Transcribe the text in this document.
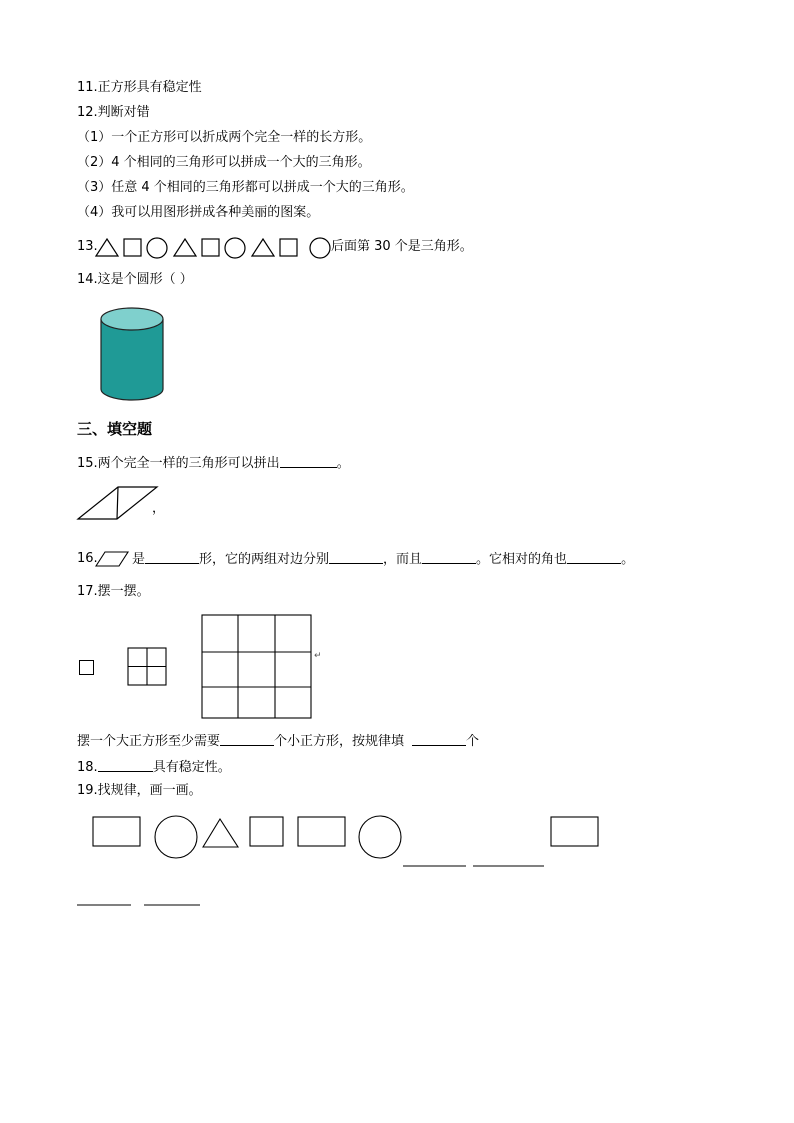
11.正方形具有稳定性
12.判断对错
（1）一个正方形可以折成两个完全一样的长方形。
（2）4 个相同的三角形可以拼成一个大的三角形。
（3）任意 4 个相同的三角形都可以拼成一个大的三角形。
（4）我可以用图形拼成各种美丽的图案。
13.	后面第 30 个是三角形。
14.这是个圆形（ ）
三、填空题
15.两个完全一样的三角形可以拼出	。
，
16.	是	形，它的两组对边分别	，而且	。它相对的角也	。
17.摆一摆。
↵
摆一个大正方形至少需要	个小正方形，按规律填	个
18.	具有稳定性。
19.找规律，画一画。
